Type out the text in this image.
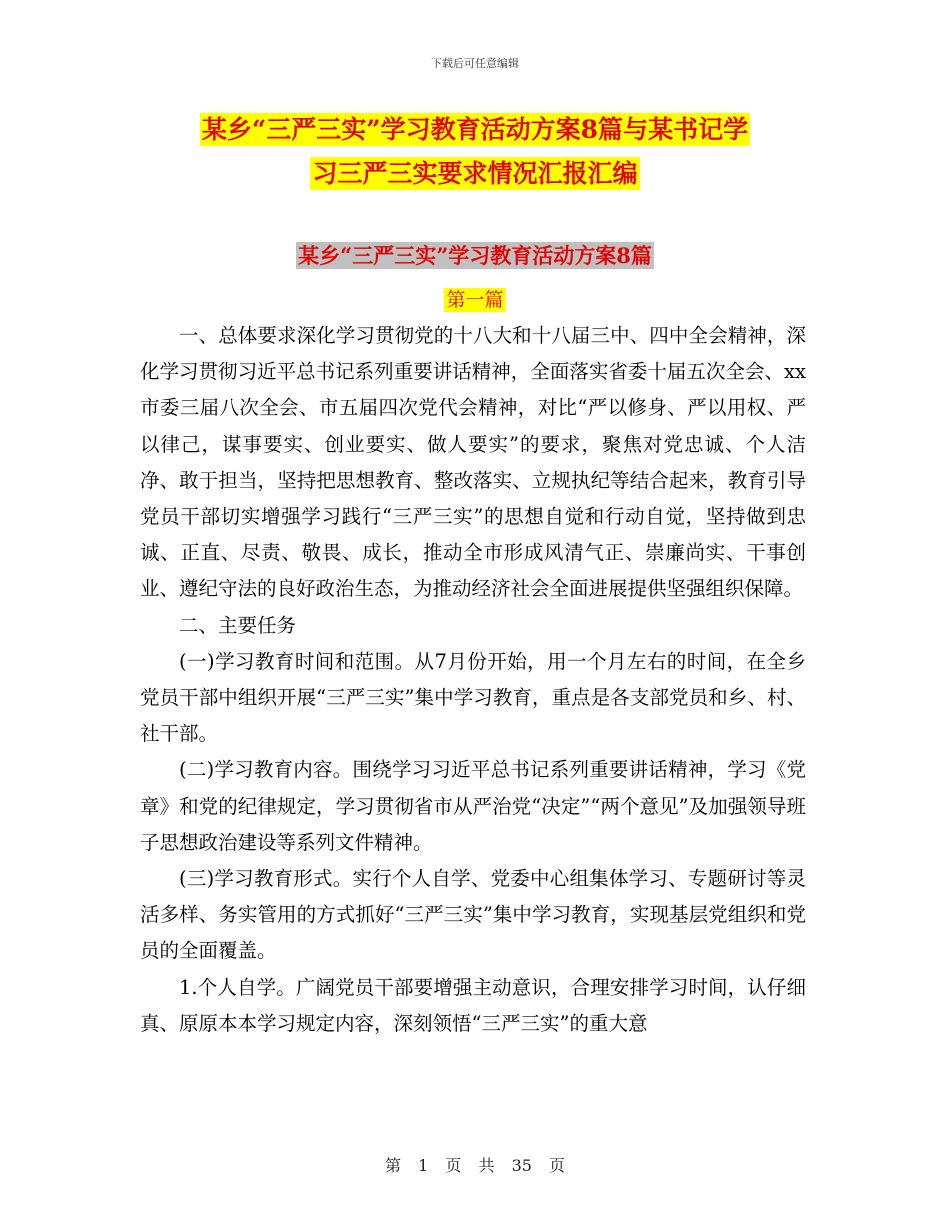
下载后可任意编辑
某乡“三严三实”学习教育活动方案8篇与某书记学
习三严三实要求情况汇报汇编
某乡“三严三实”学习教育活动方案8篇
第一篇

一、总体要求深化学习贯彻党的十八大和十八届三中、四中全会精神，深化学习贯彻习近平总书记系列重要讲话精神，全面落实省委十届五次全会、xx市委三届八次全会、市五届四次党代会精神，对比“严以修身、严以用权、严以律己，谋事要实、创业要实、做人要实”的要求，聚焦对党忠诚、个人洁净、敢于担当，坚持把思想教育、整改落实、立规执纪等结合起来，教育引导党员干部切实增强学习践行“三严三实”的思想自觉和行动自觉，坚持做到忠诚、正直、尽责、敬畏、成长，推动全市形成风清气正、崇廉尚实、干事创业、遵纪守法的良好政治生态，为推动经济社会全面进展提供坚强组织保障。

二、主要任务

(一)学习教育时间和范围。从7月份开始，用一个月左右的时间，在全乡党员干部中组织开展“三严三实”集中学习教育，重点是各支部党员和乡、村、社干部。

(二)学习教育内容。围绕学习习近平总书记系列重要讲话精神，学习《党章》和党的纪律规定，学习贯彻省市从严治党“决定”“两个意见”及加强领导班子思想政治建设等系列文件精神。

(三)学习教育形式。实行个人自学、党委中心组集体学习、专题研讨等灵活多样、务实管用的方式抓好“三严三实”集中学习教育，实现基层党组织和党员的全面覆盖。

1.个人自学。广阔党员干部要增强主动意识，合理安排学习时间，认仔细真、原原本本学习规定内容，深刻领悟“三严三实”的重大意

第 1 页 共 35 页
